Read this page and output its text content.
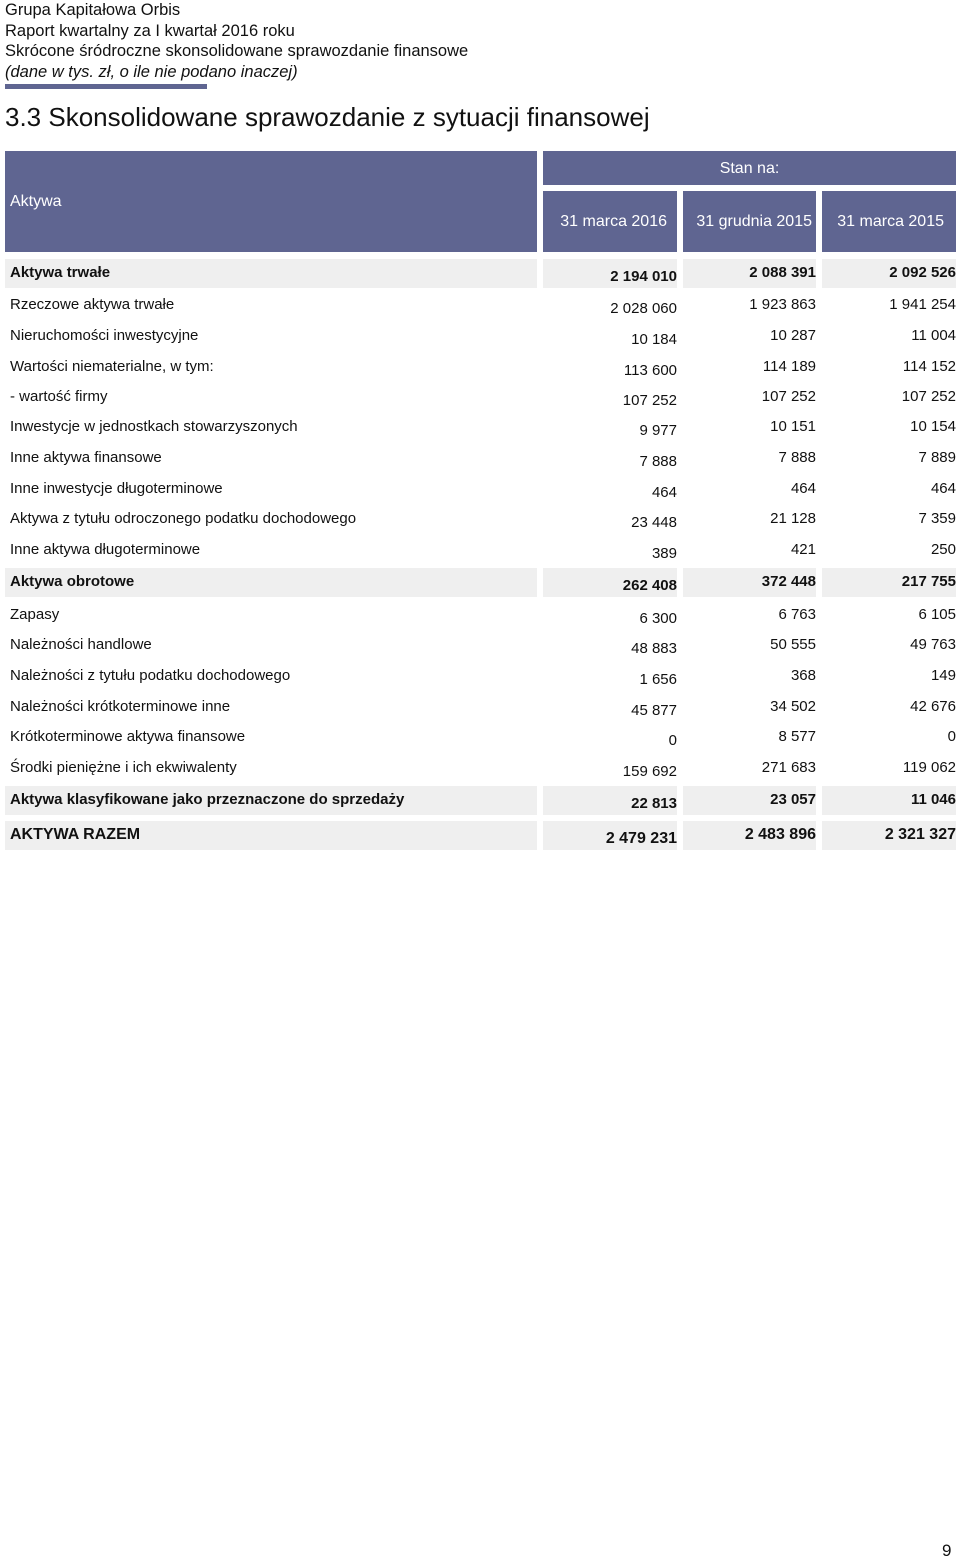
Grupa Kapitałowa Orbis
Raport kwartalny za I kwartał 2016 roku
Skrócone śródroczne skonsolidowane sprawozdanie finansowe
(dane w tys. zł, o ile nie podano inaczej)
3.3 Skonsolidowane sprawozdanie z sytuacji finansowej
Aktywa
Stan na:
31 marca 2016 31 grudnia 2015 31 marca 2015
Aktywa trwałe	2 194 010	2 088 391	2 092 526
Rzeczowe aktywa trwałe	2 028 060	1 923 863	1 941 254
Nieruchomości inwestycyjne	10 184	10 287	11 004
Wartości niematerialne, w tym:	113 600	114 189	114 152
- wartość firmy	107 252	107 252	107 252
Inwestycje w jednostkach stowarzyszonych	9 977	10 151	10 154
Inne aktywa finansowe	7 888	7 888	7 889
Inne inwestycje długoterminowe	464	464	464
Aktywa z tytułu odroczonego podatku dochodowego	23 448	21 128	7 359
Inne aktywa długoterminowe	389	421	250
Aktywa obrotowe	262 408	372 448	217 755
Zapasy	6 300	6 763	6 105
Należności handlowe	48 883	50 555	49 763
Należności z tytułu podatku dochodowego	1 656	368	149
Należności krótkoterminowe inne	45 877	34 502	42 676
Krótkoterminowe aktywa finansowe	0	8 577	0
Środki pieniężne i ich ekwiwalenty	159 692	271 683	119 062
Aktywa klasyfikowane jako przeznaczone do sprzedaży	22 813	23 057	11 046
AKTYWA RAZEM	2 479 231	2 483 896	2 321 327
9
